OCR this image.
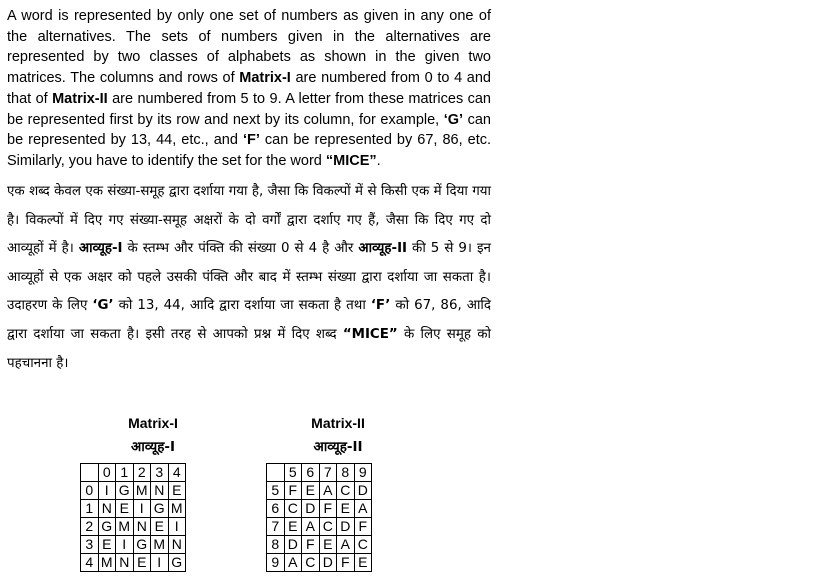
A word is represented by only one set of numbers as given in any one of the alternatives. The sets of numbers given in the alternatives are represented by two classes of alphabets as shown in the given two matrices. The columns and rows of Matrix-I are numbered from 0 to 4 and that of Matrix-II are numbered from 5 to 9. A letter from these matrices can be represented first by its row and next by its column, for example, ‘G’ can be represented by 13, 44, etc., and ‘F’ can be represented by 67, 86, etc. Similarly, you have to identify the set for the word “MICE”.
एक शब्द केवल एक संख्या-समूह द्वारा दर्शाया गया है, जैसा कि विकल्पों में से किसी एक में दिया गया है। विकल्पों में दिए गए संख्या-समूह अक्षरों के दो वर्गों द्वारा दर्शाए गए हैं, जैसा कि दिए गए दो आव्यूहों में है। आव्यूह-I के स्तम्भ और पंक्ति की संख्या 0 से 4 है और आव्यूह-II की 5 से 9। इन आव्यूहों से एक अक्षर को पहले उसकी पंक्ति और बाद में स्तम्भ संख्या द्वारा दर्शाया जा सकता है। उदाहरण के लिए ‘G’ को 13, 44, आदि द्वारा दर्शाया जा सकता है तथा ‘F’ को 67, 86, आदि द्वारा दर्शाया जा सकता है। इसी तरह से आपको प्रश्न में दिए शब्द “MICE” के लिए समूह को पहचानना है।
Matrix-I
आव्यूह-I
Matrix-II
आव्यूह-II
	0	1	2	3	4
0	I	G	M	N	E
1	N	E	I	G	M
2	G	M	N	E	I
3	E	I	G	M	N
4	M	N	E	I	G
	5	6	7	8	9
5	F	E	A	C	D
6	C	D	F	E	A
7	E	A	C	D	F
8	D	F	E	A	C
9	A	C	D	F	E
